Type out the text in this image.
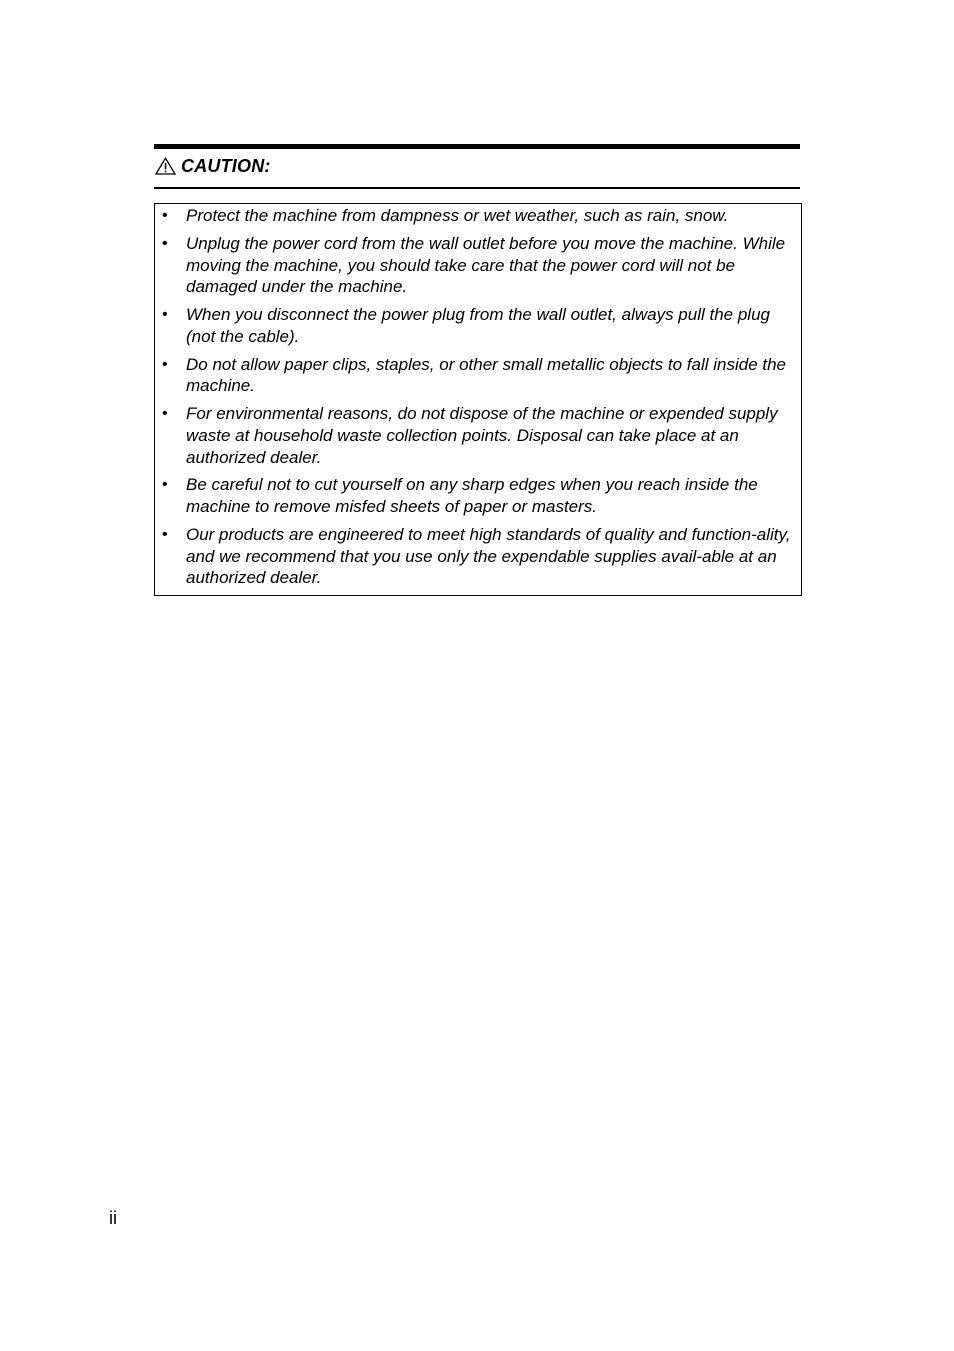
CAUTION:
• Protect the machine from dampness or wet weather, such as rain, snow.
• Unplug the power cord from the wall outlet before you move the machine. While moving the machine, you should take care that the power cord will not be damaged under the machine.
• When you disconnect the power plug from the wall outlet, always pull the plug (not the cable).
• Do not allow paper clips, staples, or other small metallic objects to fall inside the machine.
• For environmental reasons, do not dispose of the machine or expended supply waste at household waste collection points. Disposal can take place at an authorized dealer.
• Be careful not to cut yourself on any sharp edges when you reach inside the machine to remove misfed sheets of paper or masters.
• Our products are engineered to meet high standards of quality and function-ality, and we recommend that you use only the expendable supplies avail-able at an authorized dealer.
ii
